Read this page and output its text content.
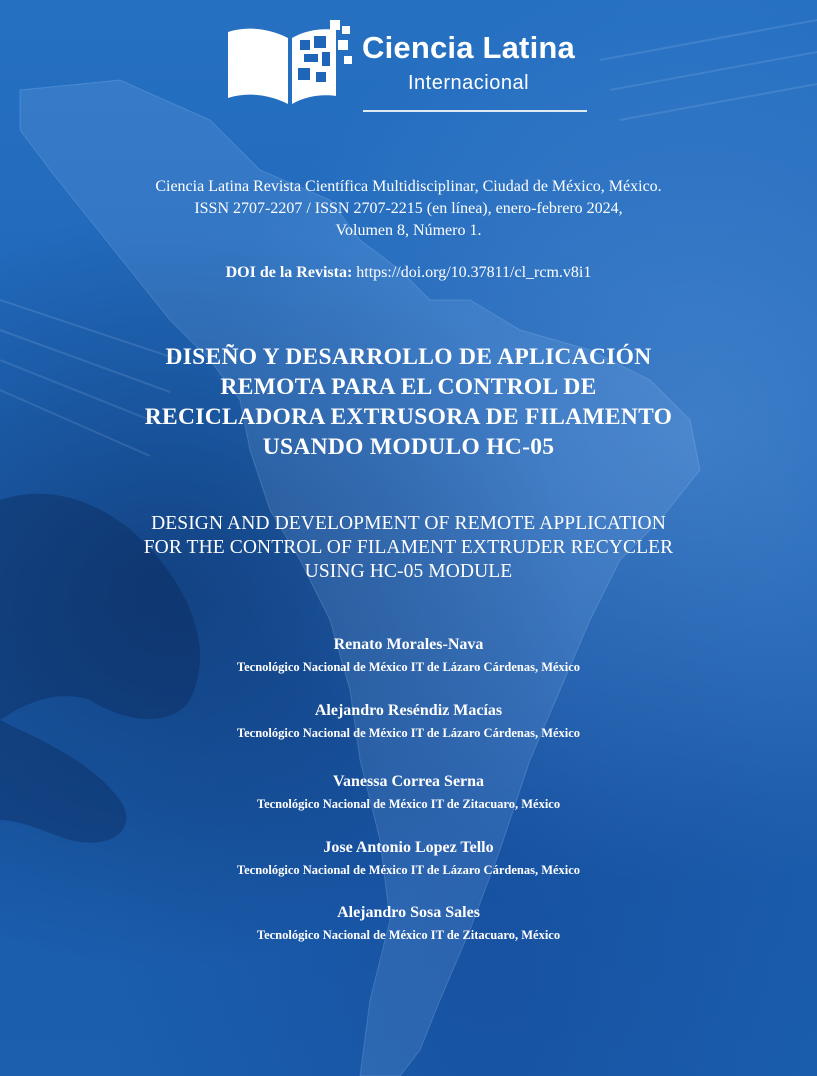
Ciencia Latina
Internacional
Ciencia Latina Revista Científica Multidisciplinar, Ciudad de México, México.
ISSN 2707-2207 / ISSN 2707-2215 (en línea), enero-febrero 2024,
Volumen 8, Número 1.
DOI de la Revista: https://doi.org/10.37811/cl_rcm.v8i1
DISEÑO Y DESARROLLO DE APLICACIÓN
REMOTA PARA EL CONTROL DE
RECICLADORA EXTRUSORA DE FILAMENTO
USANDO MODULO HC-05
DESIGN AND DEVELOPMENT OF REMOTE APPLICATION
FOR THE CONTROL OF FILAMENT EXTRUDER RECYCLER
USING HC-05 MODULE
Renato Morales-Nava
Tecnológico Nacional de México IT de Lázaro Cárdenas, México
Alejandro Reséndiz Macías
Tecnológico Nacional de México IT de Lázaro Cárdenas, México
Vanessa Correa Serna
Tecnológico Nacional de México IT de Zitacuaro, México
Jose Antonio Lopez Tello
Tecnológico Nacional de México IT de Lázaro Cárdenas, México
Alejandro Sosa Sales
Tecnológico Nacional de México IT de Zitacuaro, México
